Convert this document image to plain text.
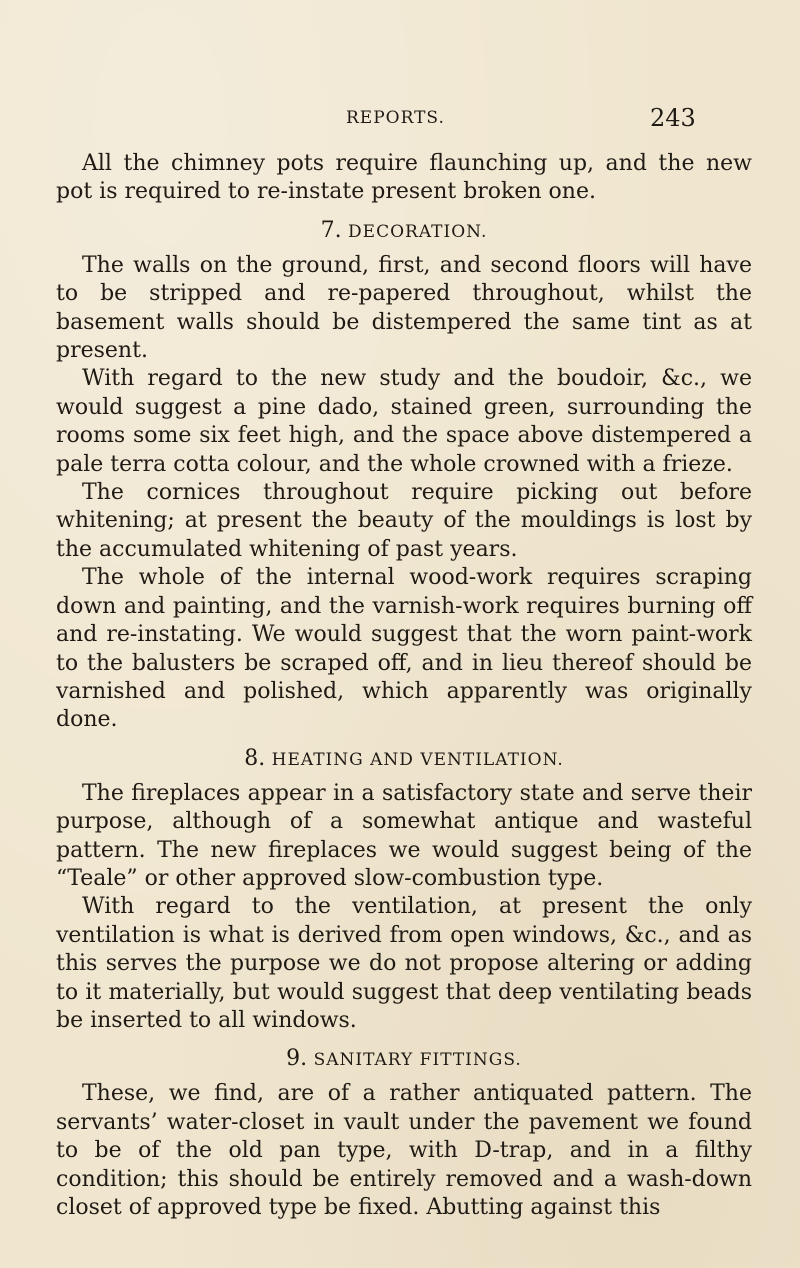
REPORTS.	243

All the chimney pots require flaunching up, and the new pot is required to re-instate present broken one.

7. DECORATION.

The walls on the ground, first, and second floors will have to be stripped and re-papered throughout, whilst the basement walls should be distempered the same tint as at present.

With regard to the new study and the boudoir, &c., we would suggest a pine dado, stained green, surrounding the rooms some six feet high, and the space above distempered a pale terra cotta colour, and the whole crowned with a frieze.

The cornices throughout require picking out before whitening; at present the beauty of the mouldings is lost by the accumulated whitening of past years.

The whole of the internal wood-work requires scraping down and painting, and the varnish-work requires burning off and re-instating. We would suggest that the worn paint-work to the balusters be scraped off, and in lieu thereof should be varnished and polished, which apparently was originally done.

8. HEATING AND VENTILATION.

The fireplaces appear in a satisfactory state and serve their purpose, although of a somewhat antique and wasteful pattern. The new fireplaces we would suggest being of the “Teale” or other approved slow-combustion type.

With regard to the ventilation, at present the only ventilation is what is derived from open windows, &c., and as this serves the purpose we do not propose altering or adding to it materially, but would suggest that deep ventilating beads be inserted to all windows.

9. SANITARY FITTINGS.

These, we find, are of a rather antiquated pattern. The servants’ water-closet in vault under the pavement we found to be of the old pan type, with D-trap, and in a filthy condition; this should be entirely removed and a wash-down closet of approved type be fixed. Abutting against this
